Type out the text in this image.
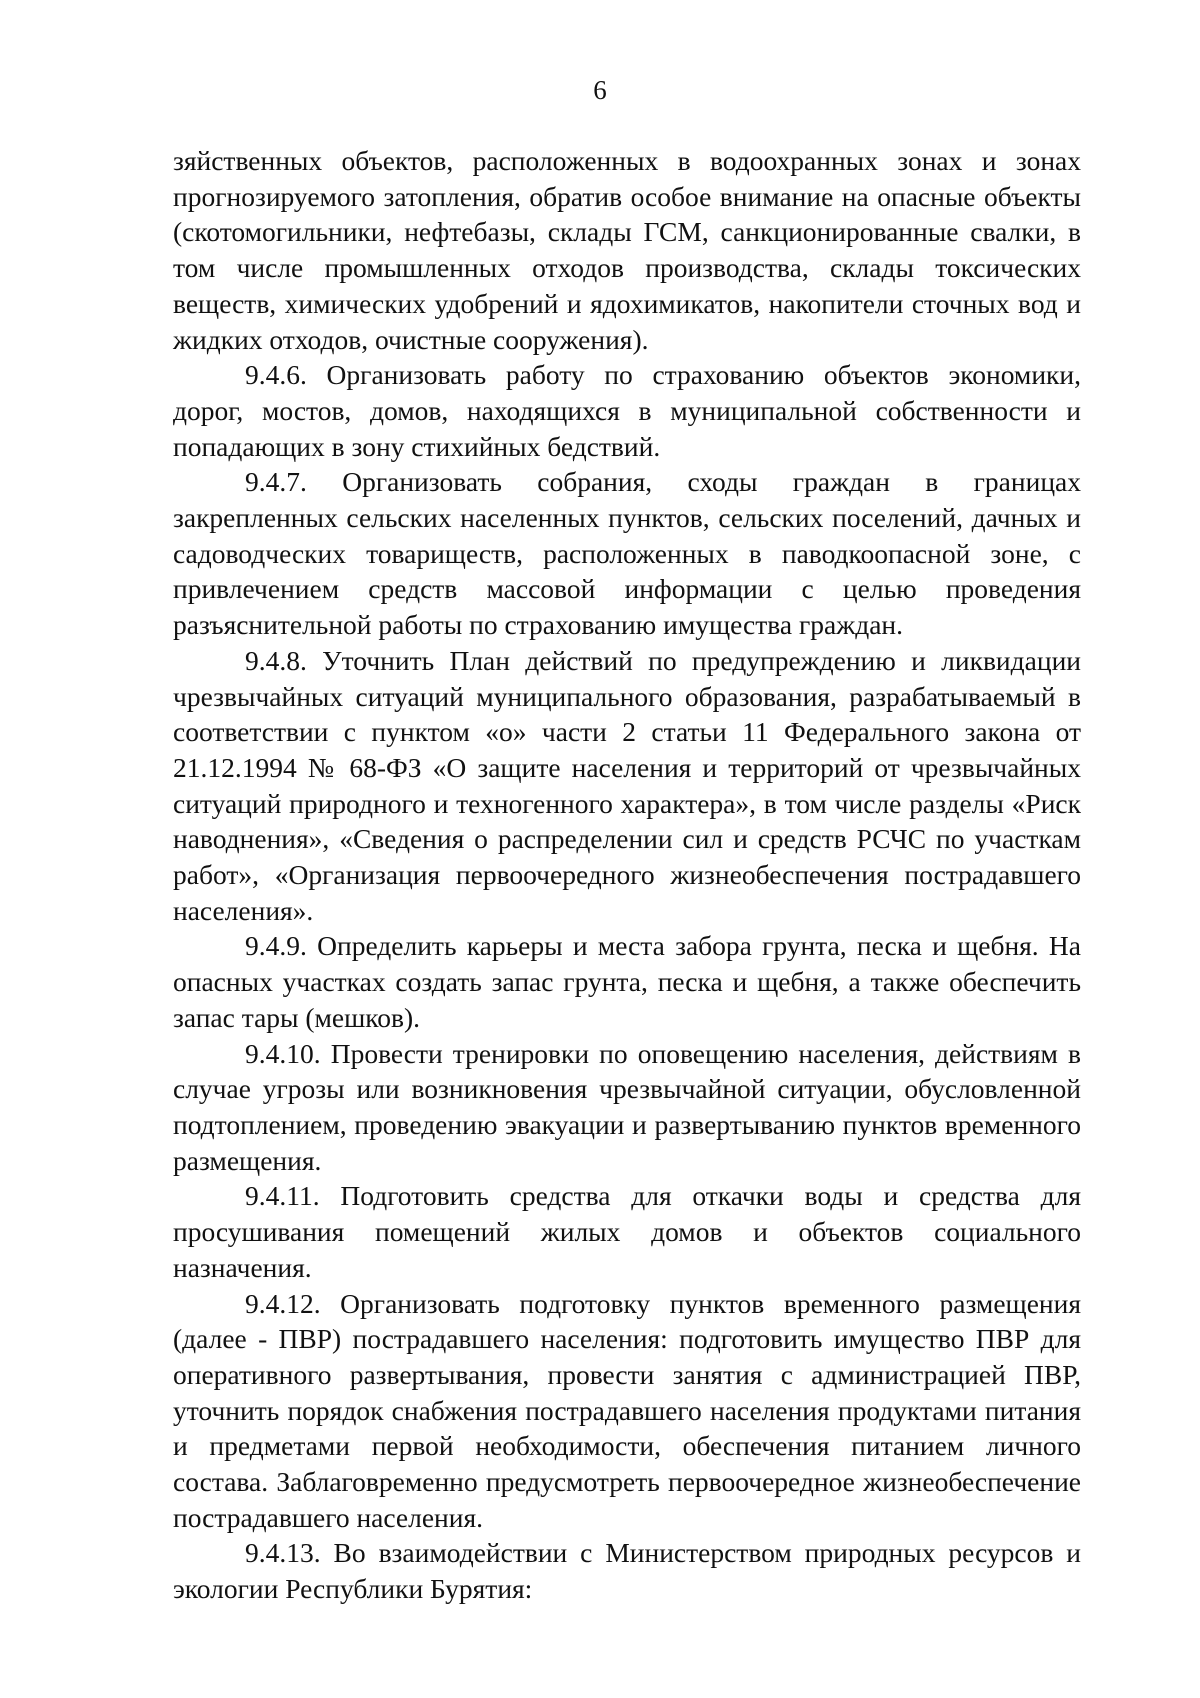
6

зяйственных объектов, расположенных в водоохранных зонах и зонах прогнозируемого затопления, обратив особое внимание на опасные объекты (скотомогильники, нефтебазы, склады ГСМ, санкционированные свалки, в том числе промышленных отходов производства, склады токсических веществ, химических удобрений и ядохимикатов, накопители сточных вод и жидких отходов, очистные сооружения).

9.4.6. Организовать работу по страхованию объектов экономики, дорог, мостов, домов, находящихся в муниципальной собственности и попадающих в зону стихийных бедствий.

9.4.7. Организовать собрания, сходы граждан в границах закрепленных сельских населенных пунктов, сельских поселений, дачных и садоводческих товариществ, расположенных в паводкоопасной зоне, с привлечением средств массовой информации с целью проведения разъяснительной работы по страхованию имущества граждан.

9.4.8. Уточнить План действий по предупреждению и ликвидации чрезвычайных ситуаций муниципального образования, разрабатываемый в соответствии с пунктом «о» части 2 статьи 11 Федерального закона от 21.12.1994 № 68-ФЗ «О защите населения и территорий от чрезвычайных ситуаций природного и техногенного характера», в том числе разделы «Риск наводнения», «Сведения о распределении сил и средств РСЧС по участкам работ», «Организация первоочередного жизнеобеспечения пострадавшего населения».

9.4.9. Определить карьеры и места забора грунта, песка и щебня. На опасных участках создать запас грунта, песка и щебня, а также обеспечить запас тары (мешков).

9.4.10. Провести тренировки по оповещению населения, действиям в случае угрозы или возникновения чрезвычайной ситуации, обусловленной подтоплением, проведению эвакуации и развертыванию пунктов временного размещения.

9.4.11. Подготовить средства для откачки воды и средства для просушивания помещений жилых домов и объектов социального назначения.

9.4.12. Организовать подготовку пунктов временного размещения (далее - ПВР) пострадавшего населения: подготовить имущество ПВР для оперативного развертывания, провести занятия с администрацией ПВР, уточнить порядок снабжения пострадавшего населения продуктами питания и предметами первой необходимости, обеспечения питанием личного состава. Заблаговременно предусмотреть первоочередное жизнеобеспечение пострадавшего населения.

9.4.13. Во взаимодействии с Министерством природных ресурсов и экологии Республики Бурятия:
